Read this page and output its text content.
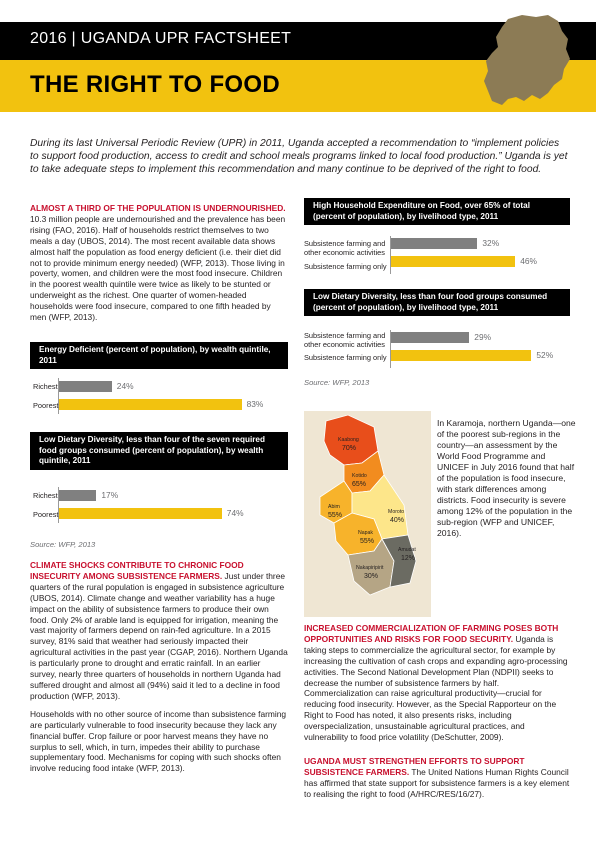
2016 | UGANDA UPR FACTSHEET
THE RIGHT TO FOOD
During its last Universal Periodic Review (UPR) in 2011, Uganda accepted a recommendation to “implement policies to support food production, access to credit and school meals programs linked to local food production.” Uganda is yet to take adequate steps to implement this recommendation and many continue to be deprived of the right to food.

ALMOST A THIRD OF THE POPULATION IS UNDERNOURISHED.
10.3 million people are undernourished and the prevalence has been rising (FAO, 2016). Half of households restrict themselves to two meals a day (UBOS, 2014). The most recent available data shows almost half the population as food energy deficient (i.e. their diet did not to provide minimum energy needed) (WFP, 2013). Those living in poverty, women, and children were the most food insecure. Children in the poorest wealth quintile were twice as likely to be stunted or underweight as the richest. One quarter of women-headed households were food insecure, compared to one fifth headed by men (WFP, 2013).

Energy Deficient (percent of population), by wealth quintile, 2011
Richest	24%
Poorest	83%
Low Dietary Diversity, less than four of the seven required food groups consumed (percent of population), by wealth quintile, 2011
Richest	17%
Poorest	74%
Source: WFP, 2013

CLIMATE SHOCKS CONTRIBUTE TO CHRONIC FOOD INSECURITY AMONG SUBSISTENCE FARMERS. Just under three quarters of the rural population is engaged in subsistence agriculture (UBOS, 2014). Climate change and weather variability has a huge impact on the ability of subsistence farmers to produce their own food. Only 2% of arable land is equipped for irrigation, meaning the vast majority of farmers depend on rain-fed agriculture. In a 2015 survey, 81% said that weather had seriously impacted their agricultural activities in the past year (CGAP, 2016). Northern Uganda is particularly prone to drought and erratic rainfall. In an earlier survey, nearly three quarters of households in northern Uganda had suffered drought and almost all (94%) said it led to a decline in food production (WFP, 2013).

Households with no other source of income than subsistence farming are particularly vulnerable to food insecurity because they lack any financial buffer. Crop failure or poor harvest means they have no surplus to sell, which, in turn, impedes their ability to purchase supplementary food. Mechanisms for coping with such shocks often involve reducing food intake (WFP, 2013).

High Household Expenditure on Food, over 65% of total (percent of population), by livelihood type, 2011
Subsistence farming and other economic activities
32%
Subsistence farming only
46%
Low Dietary Diversity, less than four food groups consumed (percent of population), by livelihood type, 2011
Subsistence farming and other economic activities
29%
Subsistence farming only	52%
Source: WFP, 2013
Kaabong
70%
Kotido
65%
Abim
55%	Moroto
40%
Napak
55%
Nakapiripirit
30%
Amudat
12%
In Karamoja, northern Uganda—one of the poorest sub-regions in the country—an assessment by the World Food Programme and UNICEF in July 2016 found that half of the population is food insecure, with stark differences among districts. Food insecurity is severe among 12% of the population in the sub-region (WFP and UNICEF, 2016).

INCREASED COMMERCIALIZATION OF FARMING POSES BOTH OPPORTUNITIES AND RISKS FOR FOOD SECURITY. Uganda is taking steps to commercialize the agricultural sector, for example by increasing the cultivation of cash crops and expanding agro-processing activities. The Second National Development Plan (NDPII) seeks to decrease the number of subsistence farmers by half. Commercialization can raise agricultural productivity—crucial for reducing food insecurity. However, as the Special Rapporteur on the Right to Food has noted, it also presents risks, including overspecialization, unsustainable agricultural practices, and vulnerability to food price volatility (DeSchutter, 2009).

UGANDA MUST STRENGTHEN EFFORTS TO SUPPORT SUBSISTENCE FARMERS. The United Nations Human Rights Council has affirmed that state support for subsistence farmers is a key element to realising the right to food (A/HRC/RES/16/27).
